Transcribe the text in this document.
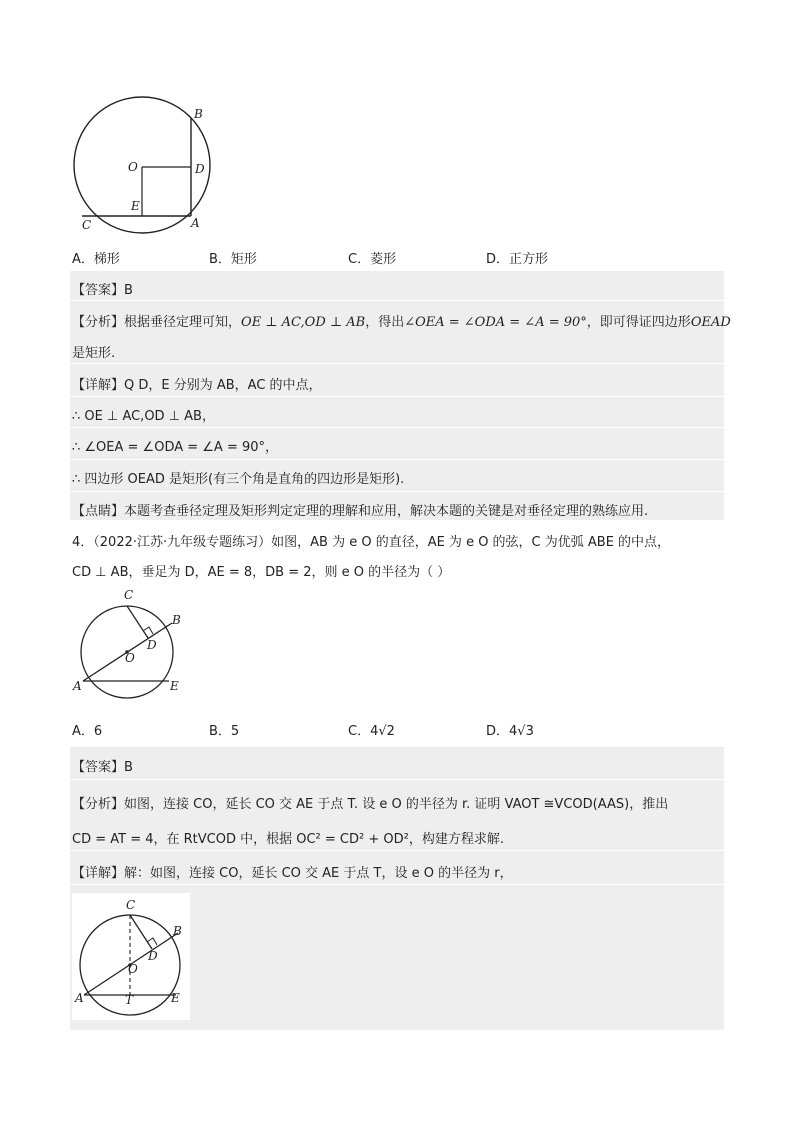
B
O	D
E
C	A
A．梯形	B．矩形	C．菱形	D．正方形
【答案】B
【分析】根据垂径定理可知，OE ⊥ AC,OD ⊥ AB，得出∠OEA = ∠ODA = ∠A = 90°，即可得证四边形OEAD
是矩形.
【详解】Q D，E 分别为 AB，AC 的中点，
∴ OE ⊥ AC,OD ⊥ AB，
∴ ∠OEA = ∠ODA = ∠A = 90°，
∴ 四边形 OEAD 是矩形(有三个角是直角的四边形是矩形).
【点睛】本题考查垂径定理及矩形判定定理的理解和应用，解决本题的关键是对垂径定理的熟练应用.
4．（2022·江苏·九年级专题练习）如图，AB 为 e O 的直径，AE 为 e O 的弦，C 为优弧 ABE 的中点，
CD ⊥ AB，垂足为 D，AE = 8，DB = 2，则 e O 的半径为（ ）
C
B
D
O
A	E
A．6	B．5	C．4√2	D．4√3
【答案】B
【分析】如图，连接 CO，延长 CO 交 AE 于点 T. 设 e O 的半径为 r. 证明 VAOT ≅VCOD(AAS)，推出
CD = AT = 4，在 RtVCOD 中，根据 OC² = CD² + OD²，构建方程求解.
【详解】解：如图，连接 CO，延长 CO 交 AE 于点 T，设 e O 的半径为 r，
C
B
D
O
A	T	E
